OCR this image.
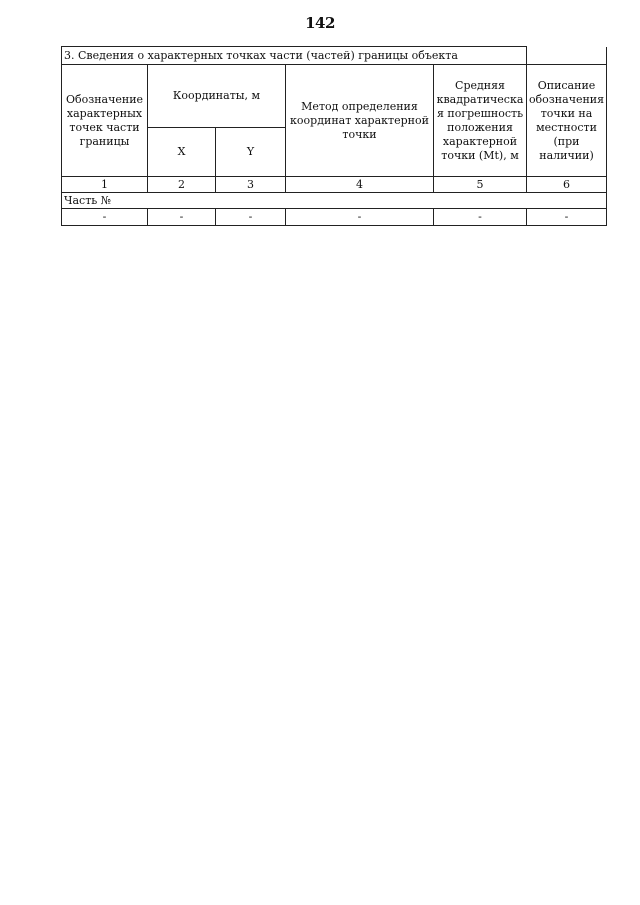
142
3. Сведения о характерных точках части (частей) границы объекта					
Обозначение характерных точек части границы	Координаты, м		Метод определения координат характерной точки	Средняя квадратическая погрешность положения характерной точки (Mt), м	Описание обозначения точки на местности (при наличии)
	X	Y			
1	2	3	4	5	6
Часть №					
-	-	-	-	-	-
